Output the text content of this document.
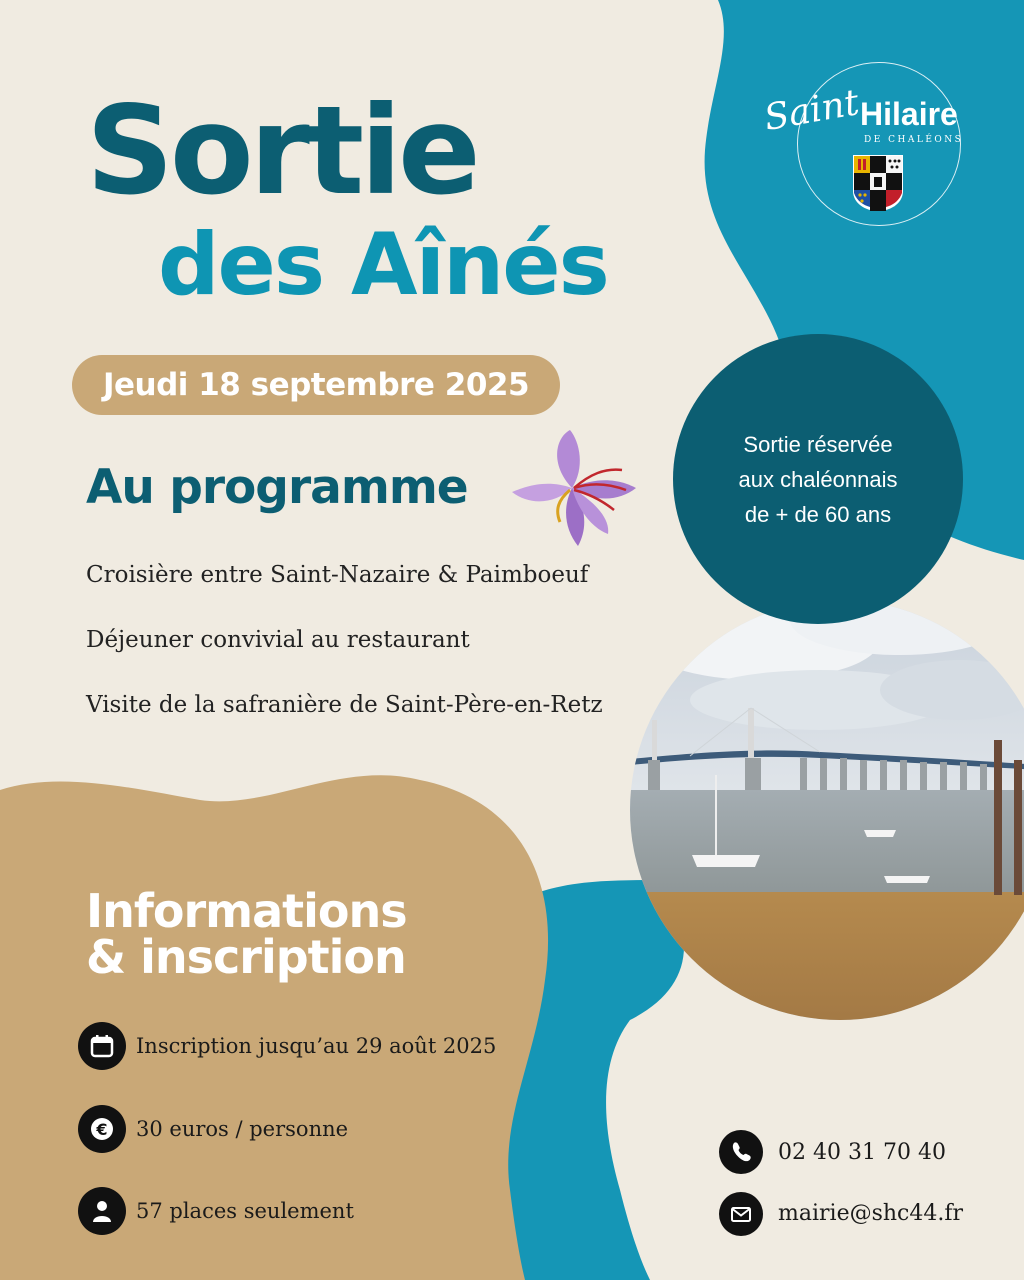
Saint
Hilaire
DE CHALÉONS
Sortie
des Aînés
Jeudi 18 septembre 2025
Au programme
Croisière entre Saint-Nazaire & Paimboeuf
Déjeuner convivial au restaurant
Visite de la safranière de Saint-Père-en-Retz
Sortie réservée
aux chaléonnais
de + de 60 ans
Informations
& inscription
Inscription jusqu’au 29 août 2025
€ 30 euros / personne
57 places seulement
02 40 31 70 40
mairie@shc44.fr
